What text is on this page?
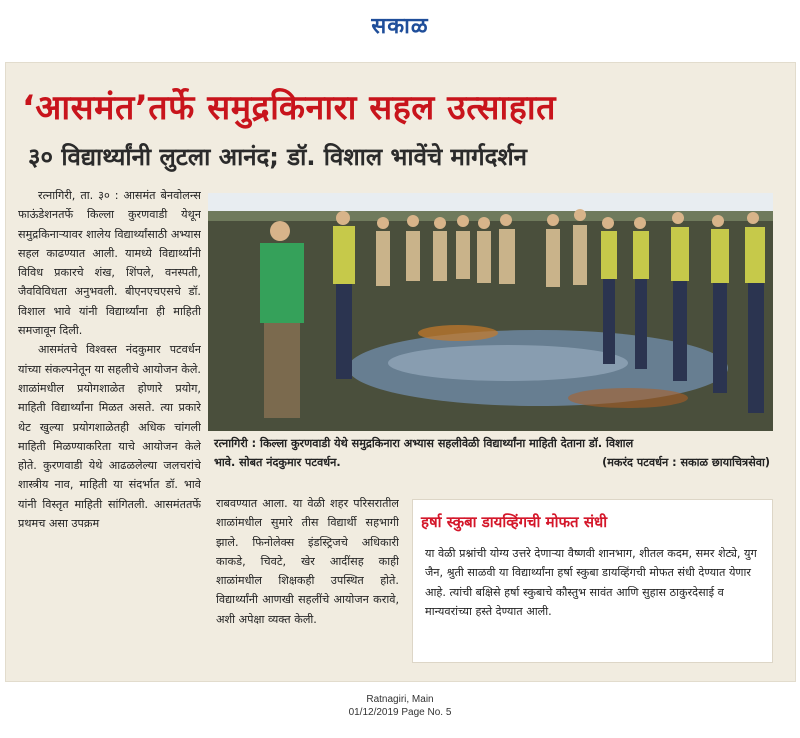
सकाळ
‘आसमंत’तर्फे समुद्रकिनारा सहल उत्साहात
३० विद्यार्थ्यांनी लुटला आनंद; डॉ. विशाल भावेंचे मार्गदर्शन

रत्नागिरी, ता. ३० : आसमंत बेनवोलन्स फाऊंडेशनतर्फे किल्ला कुरणवाडी येथून समुद्रकिनाऱ्यावर शालेय विद्यार्थ्यांसाठी अभ्यास सहल काढण्यात आली. यामध्ये विद्यार्थ्यांनी विविध प्रकारचे शंख, शिंपले, वनस्पती, जैवविविधता अनुभवली. बीएनएचएसचे डॉ. विशाल भावे यांनी विद्यार्थ्यांना ही माहिती समजावून दिली.

आसमंतचे विश्वस्त नंदकुमार पटवर्धन यांच्या संकल्पनेतून या सहलीचे आयोजन केले. शाळांमधील प्रयोगशाळेत होणारे प्रयोग, माहिती विद्यार्थ्यांना मिळत असते. त्या प्रकारे थेट खुल्या प्रयोगशाळेतही अधिक चांगली माहिती मिळण्याकरिता याचे आयोजन केले होते. कुरणवाडी येथे आढळलेल्या जलचरांचे शास्त्रीय नाव, माहिती या संदर्भात डॉ. भावे यांनी विस्तृत माहिती सांगितली. आसमंततर्फे प्रथमच असा उपक्रम

रत्नागिरी : किल्ला कुरणवाडी येथे समुद्रकिनारा अभ्यास सहलीवेळी विद्यार्थ्यांना माहिती देताना डॉ. विशाल
भावे. सोबत नंदकुमार पटवर्धन.	(मकरंद पटवर्धन : सकाळ छायाचित्रसेवा)

राबवण्यात आला. या वेळी शहर परिसरातील शाळांमधील सुमारे तीस विद्यार्थी सहभागी झाले. फिनोलेक्स इंडस्ट्रिजचे अधिकारी काकडे, चिवटे, खेर आदींसह काही शाळांमधील शिक्षकही उपस्थित होते. विद्यार्थ्यांनी आणखी सहलींचे आयोजन करावे, अशी अपेक्षा व्यक्त केली.

हर्षा स्कुबा डायव्हिंगची मोफत संधी
या वेळी प्रश्नांची योग्य उत्तरे देणाऱ्या वैष्णवी शानभाग, शीतल कदम, समर शेट्ये, युग जैन, श्रुती साळवी या विद्यार्थ्यांना हर्षा स्कुबा डायव्हिंगची मोफत संधी देण्यात येणार आहे. त्यांची बक्षिसे हर्षा स्कुबाचे कौस्तुभ सावंत आणि सुहास ठाकुरदेसाई व मान्यवरांच्या हस्ते देण्यात आली.
Ratnagiri, Main
01/12/2019 Page No. 5
